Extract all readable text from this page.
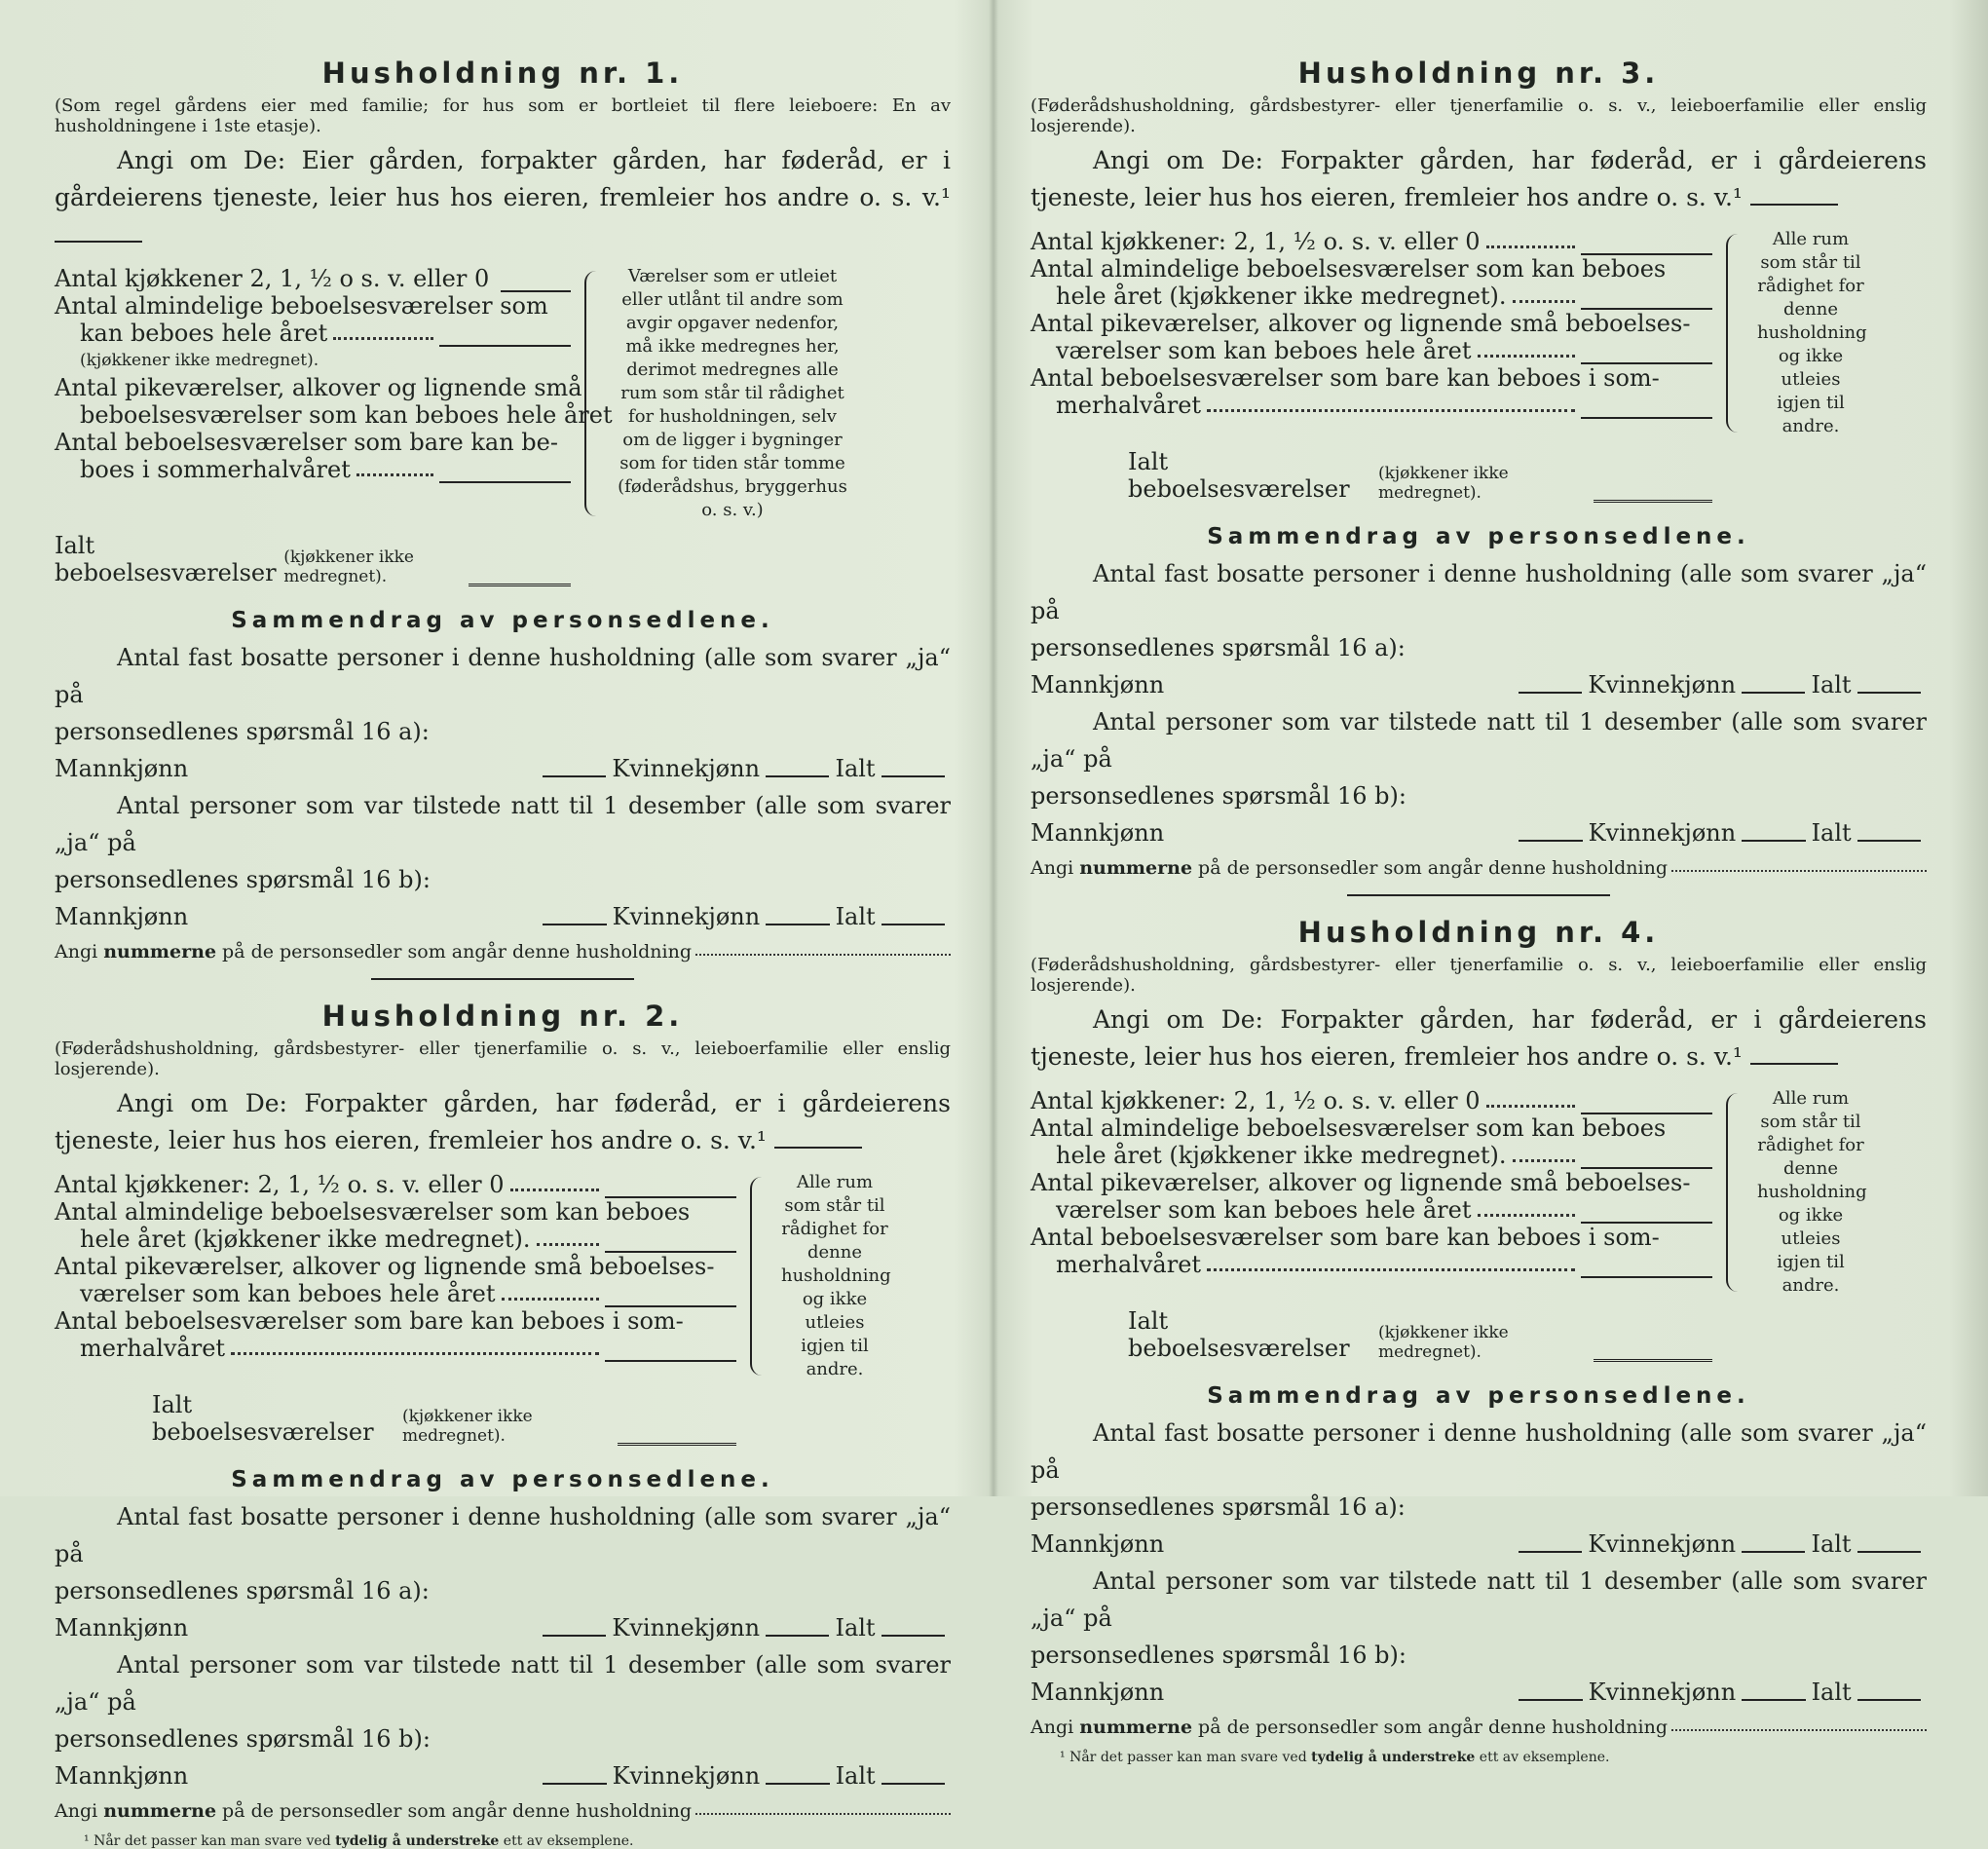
Husholdning nr. 1.
(Som regel gårdens eier med familie; for hus som er bortleiet til flere leieboere: En av husholdningene i 1ste etasje).
Angi om De: Eier gården, forpakter gården, har føderåd, er i gårdeierens tjeneste, leier hus hos eieren, fremleier hos andre o. s. v.¹
Antal kjøkkener 2, 1, ½ o s. v. eller 0
Antal almindelige beboelsesværelser som
kan beboes hele året
(kjøkkener ikke medregnet).
Antal pikeværelser, alkover og lignende små
beboelsesværelser som kan beboes hele året
Antal beboelsesværelser som bare kan be-
boes i sommerhalvåret
Værelser som er utleiet eller utlånt til andre som avgir opgaver nedenfor, må ikke medregnes her, derimot medregnes alle rum som står til rådighet for husholdningen, selv om de ligger i bygninger som for tiden står tomme (føderådshus, bryggerhus o. s. v.)
Ialt beboelsesværelser

(kjøkkener ikke medregnet).
Sammendrag av personsedlene.
Antal fast bosatte personer i denne husholdning (alle som svarer „ja“ på
personsedlenes spørsmål 16 a): Mannkjønn	Kvinnekjønn	Ialt
Antal personer som var tilstede natt til 1 desember (alle som svarer „ja“ på
personsedlenes spørsmål 16 b): Mannkjønn	Kvinnekjønn	Ialt
Angi nummerne på de personsedler som angår denne husholdning
Husholdning nr. 2.
(Føderådshusholdning, gårdsbestyrer- eller tjenerfamilie o. s. v., leieboerfamilie eller enslig losjerende).
Angi om De: Forpakter gården, har føderåd, er i gårdeierens tjeneste, leier hus hos eieren, fremleier hos andre o. s. v.¹
Antal kjøkkener: 2, 1, ½ o. s. v. eller 0
Antal almindelige beboelsesværelser som kan beboes
hele året (kjøkkener ikke medregnet).
Antal pikeværelser, alkover og lignende små beboelses-
værelser som kan beboes hele året
Antal beboelsesværelser som bare kan beboes i som-
merhalvåret
Alle rum som står til rådighet for denne husholdning og ikke utleies igjen til andre.
Ialt beboelsesværelser

(kjøkkener ikke medregnet).
Sammendrag av personsedlene.
Antal fast bosatte personer i denne husholdning (alle som svarer „ja“ på
personsedlenes spørsmål 16 a): Mannkjønn	Kvinnekjønn	Ialt
Antal personer som var tilstede natt til 1 desember (alle som svarer „ja“ på
personsedlenes spørsmål 16 b): Mannkjønn	Kvinnekjønn	Ialt
Angi nummerne på de personsedler som angår denne husholdning
¹ Når det passer kan man svare ved tydelig å understreke ett av eksemplene.
Husholdning nr. 3.
(Føderådshusholdning, gårdsbestyrer- eller tjenerfamilie o. s. v., leieboerfamilie eller enslig losjerende).
Angi om De: Forpakter gården, har føderåd, er i gårdeierens tjeneste, leier hus hos eieren, fremleier hos andre o. s. v.¹
Antal kjøkkener: 2, 1, ½ o. s. v. eller 0
Antal almindelige beboelsesværelser som kan beboes
hele året (kjøkkener ikke medregnet).
Antal pikeværelser, alkover og lignende små beboelses-
værelser som kan beboes hele året
Antal beboelsesværelser som bare kan beboes i som-
merhalvåret
Alle rum som står til rådighet for denne husholdning og ikke utleies igjen til andre.
Ialt beboelsesværelser

(kjøkkener ikke medregnet).
Sammendrag av personsedlene.
Antal fast bosatte personer i denne husholdning (alle som svarer „ja“ på
personsedlenes spørsmål 16 a): Mannkjønn	Kvinnekjønn	Ialt
Antal personer som var tilstede natt til 1 desember (alle som svarer „ja“ på
personsedlenes spørsmål 16 b): Mannkjønn	Kvinnekjønn	Ialt
Angi nummerne på de personsedler som angår denne husholdning
Husholdning nr. 4.
(Føderådshusholdning, gårdsbestyrer- eller tjenerfamilie o. s. v., leieboerfamilie eller enslig losjerende).
Angi om De: Forpakter gården, har føderåd, er i gårdeierens tjeneste, leier hus hos eieren, fremleier hos andre o. s. v.¹
Antal kjøkkener: 2, 1, ½ o. s. v. eller 0
Antal almindelige beboelsesværelser som kan beboes
hele året (kjøkkener ikke medregnet).
Antal pikeværelser, alkover og lignende små beboelses-
værelser som kan beboes hele året
Antal beboelsesværelser som bare kan beboes i som-
merhalvåret
Alle rum som står til rådighet for denne husholdning og ikke utleies igjen til andre.
Ialt beboelsesværelser

(kjøkkener ikke medregnet).
Sammendrag av personsedlene.
Antal fast bosatte personer i denne husholdning (alle som svarer „ja“ på
personsedlenes spørsmål 16 a): Mannkjønn	Kvinnekjønn	Ialt
Antal personer som var tilstede natt til 1 desember (alle som svarer „ja“ på
personsedlenes spørsmål 16 b): Mannkjønn	Kvinnekjønn	Ialt
Angi nummerne på de personsedler som angår denne husholdning
¹ Når det passer kan man svare ved tydelig å understreke ett av eksemplene.
